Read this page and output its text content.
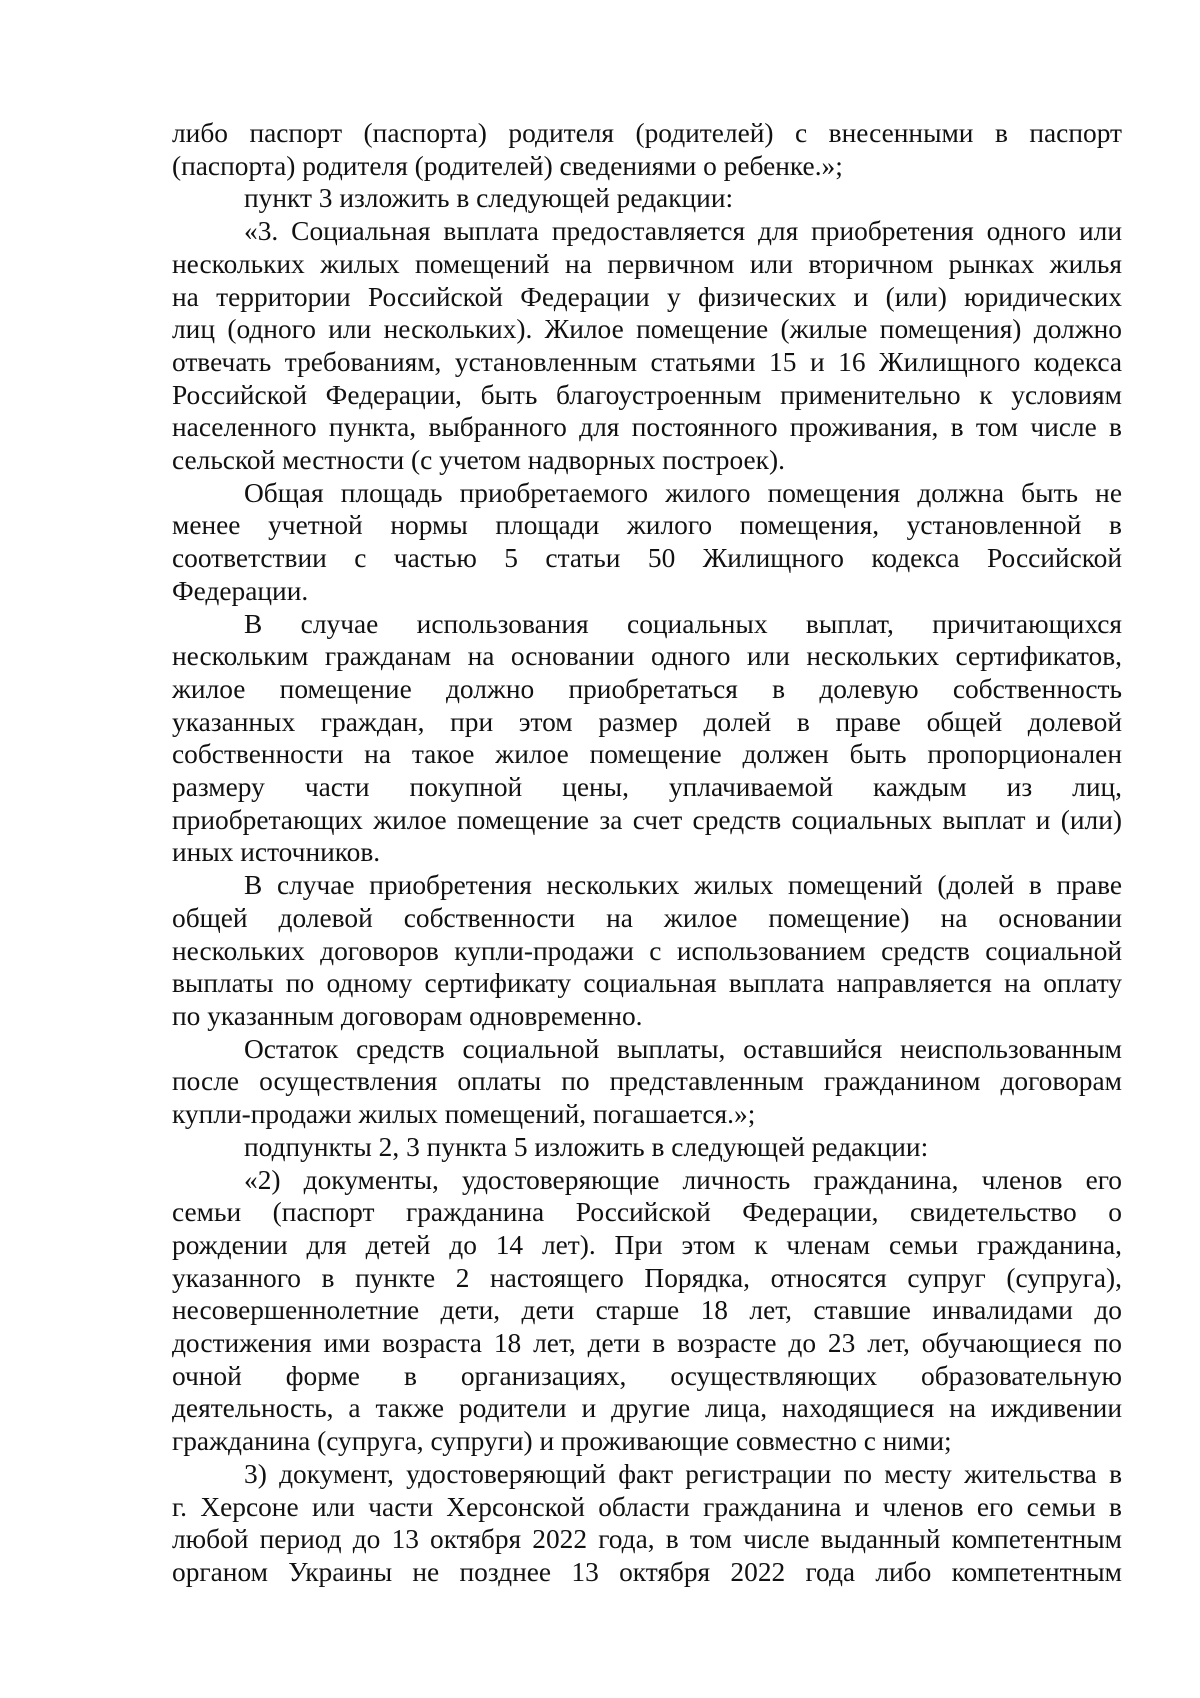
либо паспорт (паспорта) родителя (родителей) с внесенными в паспорт
(паспорта) родителя (родителей) сведениями о ребенке.»;

пункт 3 изложить в следующей редакции:

«3. Социальная выплата предоставляется для приобретения одного или
нескольких жилых помещений на первичном или вторичном рынках жилья
на территории Российской Федерации у физических и (или) юридических
лиц (одного или нескольких). Жилое помещение (жилые помещения) должно
отвечать требованиям, установленным статьями 15 и 16 Жилищного кодекса
Российской Федерации, быть благоустроенным применительно к условиям
населенного пункта, выбранного для постоянного проживания, в том числе в
сельской местности (с учетом надворных построек).

Общая площадь приобретаемого жилого помещения должна быть не
менее учетной нормы площади жилого помещения, установленной в
соответствии с частью 5 статьи 50 Жилищного кодекса Российской
Федерации.

В случае использования социальных выплат, причитающихся
нескольким гражданам на основании одного или нескольких сертификатов,
жилое помещение должно приобретаться в долевую собственность
указанных граждан, при этом размер долей в праве общей долевой
собственности на такое жилое помещение должен быть пропорционален
размеру части покупной цены, уплачиваемой каждым из лиц,
приобретающих жилое помещение за счет средств социальных выплат и (или)
иных источников.

В случае приобретения нескольких жилых помещений (долей в праве
общей долевой собственности на жилое помещение) на основании
нескольких договоров купли-продажи с использованием средств социальной
выплаты по одному сертификату социальная выплата направляется на оплату
по указанным договорам одновременно.

Остаток средств социальной выплаты, оставшийся неиспользованным
после осуществления оплаты по представленным гражданином договорам
купли-продажи жилых помещений, погашается.»;

подпункты 2, 3 пункта 5 изложить в следующей редакции:

«2) документы, удостоверяющие личность гражданина, членов его
семьи (паспорт гражданина Российской Федерации, свидетельство о
рождении для детей до 14 лет). При этом к членам семьи гражданина,
указанного в пункте 2 настоящего Порядка, относятся супруг (супруга),
несовершеннолетние дети, дети старше 18 лет, ставшие инвалидами до
достижения ими возраста 18 лет, дети в возрасте до 23 лет, обучающиеся по
очной форме в организациях, осуществляющих образовательную
деятельность, а также родители и другие лица, находящиеся на иждивении
гражданина (супруга, супруги) и проживающие совместно с ними;

3) документ, удостоверяющий факт регистрации по месту жительства в
г. Херсоне или части Херсонской области гражданина и членов его семьи в
любой период до 13 октября 2022 года, в том числе выданный компетентным
органом Украины не позднее 13 октября 2022 года либо компетентным
